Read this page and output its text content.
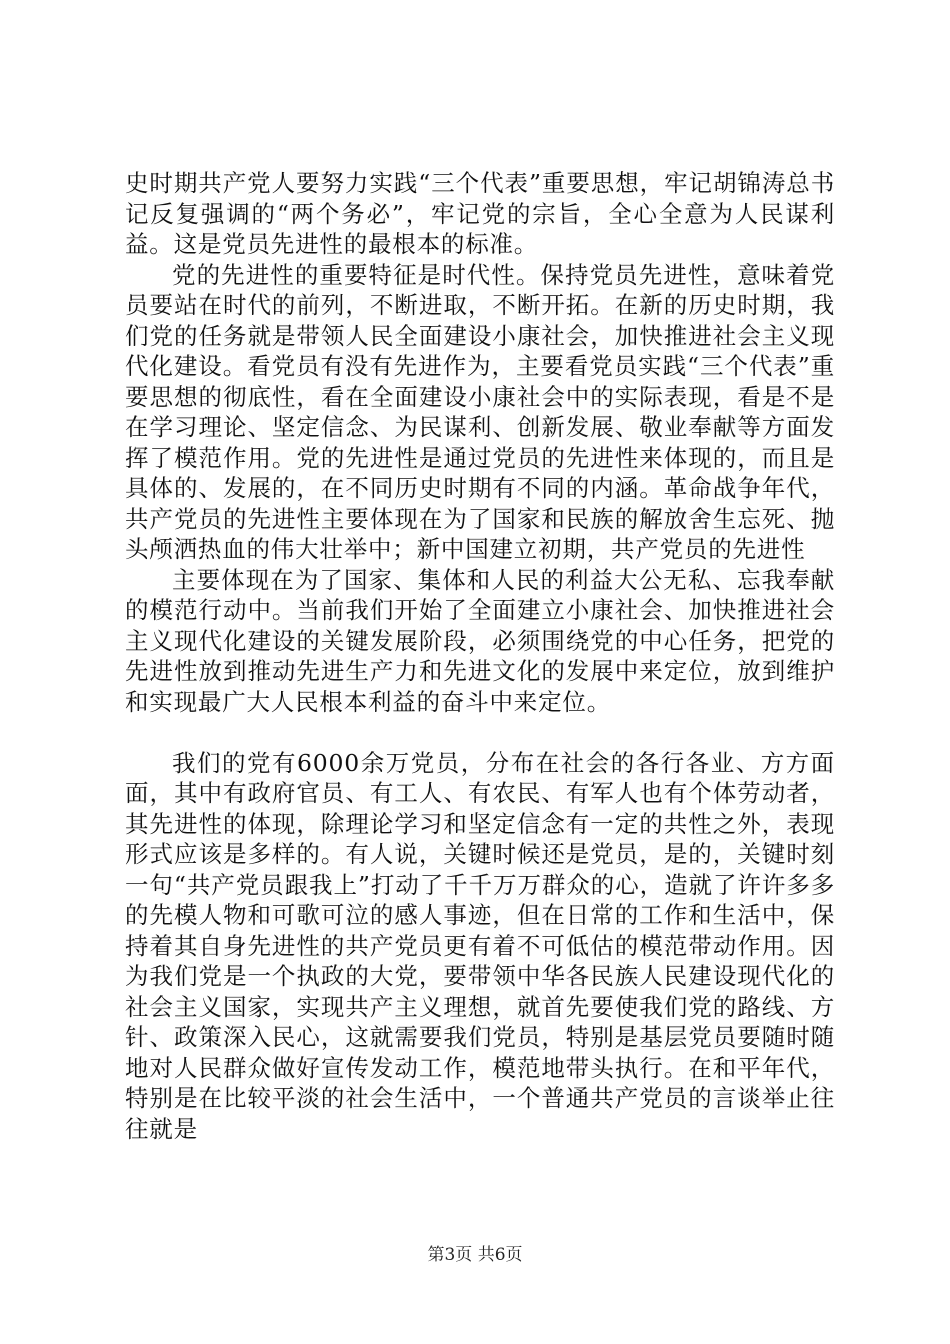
史时期共产党人要努力实践“三个代表”重要思想，牢记胡锦涛总书记反复强调的“两个务必”，牢记党的宗旨，全心全意为人民谋利益。这是党员先进性的最根本的标准。

党的先进性的重要特征是时代性。保持党员先进性，意味着党员要站在时代的前列，不断进取，不断开拓。在新的历史时期，我们党的任务就是带领人民全面建设小康社会，加快推进社会主义现代化建设。看党员有没有先进作为，主要看党员实践“三个代表”重要思想的彻底性，看在全面建设小康社会中的实际表现，看是不是在学习理论、坚定信念、为民谋利、创新发展、敬业奉献等方面发挥了模范作用。党的先进性是通过党员的先进性来体现的，而且是具体的、发展的，在不同历史时期有不同的内涵。革命战争年代，共产党员的先进性主要体现在为了国家和民族的解放舍生忘死、抛头颅洒热血的伟大壮举中；新中国建立初期，共产党员的先进性

主要体现在为了国家、集体和人民的利益大公无私、忘我奉献的模范行动中。当前我们开始了全面建立小康社会、加快推进社会主义现代化建设的关键发展阶段，必须围绕党的中心任务，把党的先进性放到推动先进生产力和先进文化的发展中来定位，放到维护和实现最广大人民根本利益的奋斗中来定位。

我们的党有6000余万党员，分布在社会的各行各业、方方面面，其中有政府官员、有工人、有农民、有军人也有个体劳动者，其先进性的体现，除理论学习和坚定信念有一定的共性之外，表现形式应该是多样的。有人说，关键时候还是党员，是的，关键时刻一句“共产党员跟我上”打动了千千万万群众的心，造就了许许多多的先模人物和可歌可泣的感人事迹，但在日常的工作和生活中，保持着其自身先进性的共产党员更有着不可低估的模范带动作用。因为我们党是一个执政的大党，要带领中华各民族人民建设现代化的社会主义国家，实现共产主义理想，就首先要使我们党的路线、方针、政策深入民心，这就需要我们党员，特别是基层党员要随时随地对人民群众做好宣传发动工作，模范地带头执行。在和平年代，特别是在比较平淡的社会生活中，一个普通共产党员的言谈举止往往就是

第3页 共6页
